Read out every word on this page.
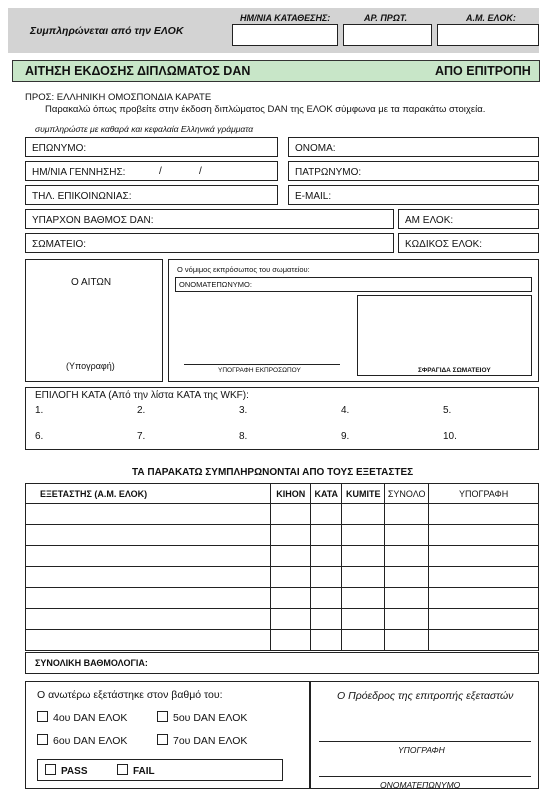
Συμπληρώνεται από την ΕΛΟΚ
ΗΜ/ΝΙΑ ΚΑΤΑΘΕΣΗΣ:	ΑΡ. ΠΡΩΤ.	Α.Μ. ΕΛΟΚ:
ΑΙΤΗΣΗ ΕΚΔΟΣΗΣ ΔΙΠΛΩΜΑΤΟΣ DAN	ΑΠΟ ΕΠΙΤΡΟΠΗ
ΠΡΟΣ: ΕΛΛΗΝΙΚΗ ΟΜΟΣΠΟΝΔΙΑ ΚΑΡΑΤΕ
Παρακαλώ όπως προβείτε στην έκδοση διπλώματος DAN της ΕΛΟΚ σύμφωνα με τα παρακάτω στοιχεία.
συμπληρώστε με καθαρά και κεφαλαία Ελληνικά γράμματα
ΕΠΩΝΥΜΟ:	ΟΝΟΜΑ:
ΗΜ/ΝΙΑ ΓΕΝΝΗΣΗΣ:	/	/	ΠΑΤΡΩΝΥΜΟ:
ΤΗΛ. ΕΠΙΚΟΙΝΩΝΙΑΣ:	E-MAIL:
ΥΠΑΡΧΟΝ ΒΑΘΜΟΣ DAN:	ΑΜ ΕΛΟΚ:
ΣΩΜΑΤΕΙΟ:	ΚΩΔΙΚΟΣ ΕΛΟΚ:
Ο ΑΙΤΩΝ
(Υπογραφή)
Ο νόμιμος εκπρόσωπος του σωματείου:
ΟΝΟΜΑΤΕΠΩΝΥΜΟ:
ΥΠΟΓΡΑΦΗ ΕΚΠΡΟΣΩΠΟΥ	ΣΦΡΑΓΙΔΑ ΣΩΜΑΤΕΙΟΥ
ΕΠΙΛΟΓΗ ΚΑΤΑ (Από την λίστα ΚΑΤΑ της WKF):
1.	2.	3.	4.	5.
6.	7.	8.	9.	10.
ΤΑ ΠΑΡΑΚΑΤΩ ΣΥΜΠΛΗΡΩΝΟΝΤΑΙ ΑΠΟ ΤΟΥΣ ΕΞΕΤΑΣΤΕΣ
ΕΞΕΤΑΣΤΗΣ (Α.Μ. ΕΛΟΚ)	ΚΙΗΟΝ	ΚΑΤΑ	ΚUΜΙΤΕ	ΣΥΝΟΛΟ	ΥΠΟΓΡΑΦΗ

ΣΥΝΟΛΙΚΗ ΒΑΘΜΟΛΟΓΙΑ:
Ο ανωτέρω εξετάστηκε στον βαθμό του:
4ου DAN ΕΛΟΚ	5ου DAN ΕΛΟΚ
6ου DAN ΕΛΟΚ	7ου DAN ΕΛΟΚ
PASS	FAIL
Ο Πρόεδρος της επιτροπής εξεταστών
ΥΠΟΓΡΑΦΗ
ΟΝΟΜΑΤΕΠΩΝΥΜΟ
